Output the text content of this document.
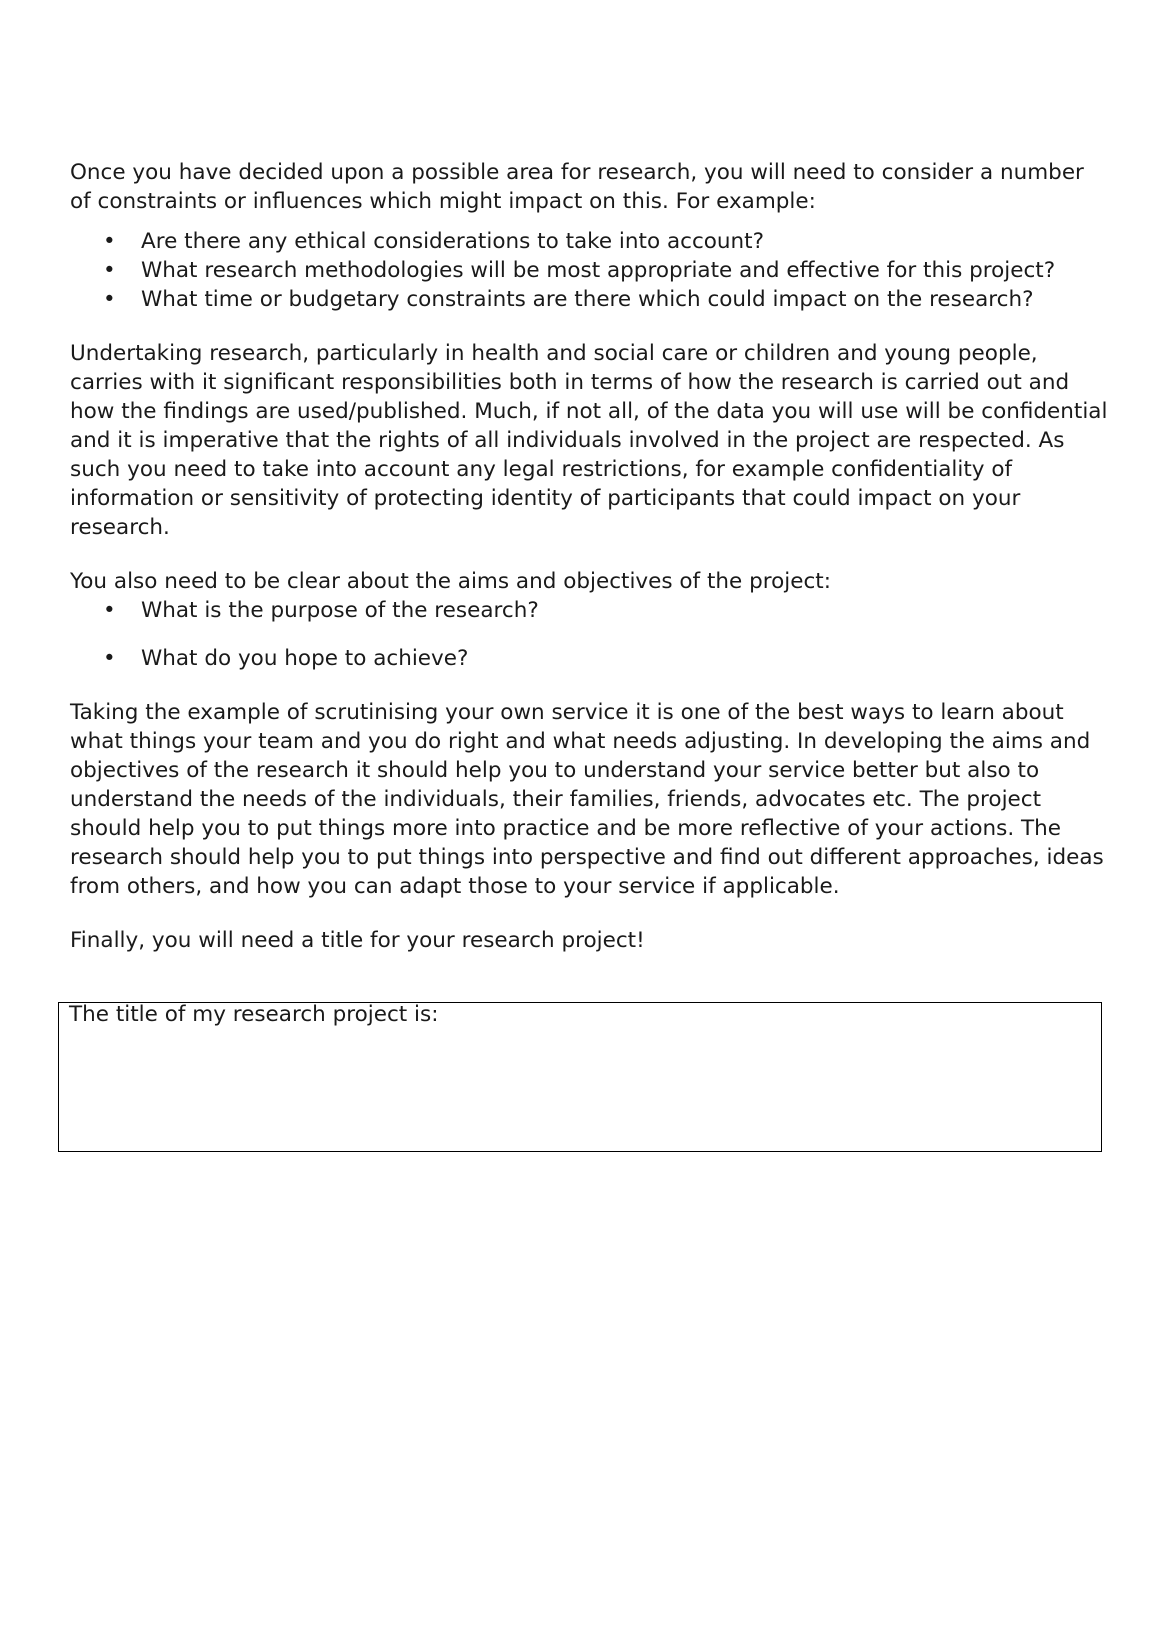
Once you have decided upon a possible area for research, you will need to consider a number of constraints or influences which might impact on this. For example:

• Are there any ethical considerations to take into account?
• What research methodologies will be most appropriate and effective for this project?
• What time or budgetary constraints are there which could impact on the research?

Undertaking research, particularly in health and social care or children and young people, carries with it significant responsibilities both in terms of how the research is carried out and how the findings are used/published. Much, if not all, of the data you will use will be confidential and it is imperative that the rights of all individuals involved in the project are respected. As such you need to take into account any legal restrictions, for example confidentiality of information or sensitivity of protecting identity of participants that could impact on your research.

You also need to be clear about the aims and objectives of the project:

• What is the purpose of the research?
• What do you hope to achieve?

Taking the example of scrutinising your own service it is one of the best ways to learn about what things your team and you do right and what needs adjusting. In developing the aims and objectives of the research it should help you to understand your service better but also to understand the needs of the individuals, their families, friends, advocates etc. The project should help you to put things more into practice and be more reflective of your actions. The research should help you to put things into perspective and find out different approaches, ideas from others, and how you can adapt those to your service if applicable.

Finally, you will need a title for your research project!

The title of my research project is:
